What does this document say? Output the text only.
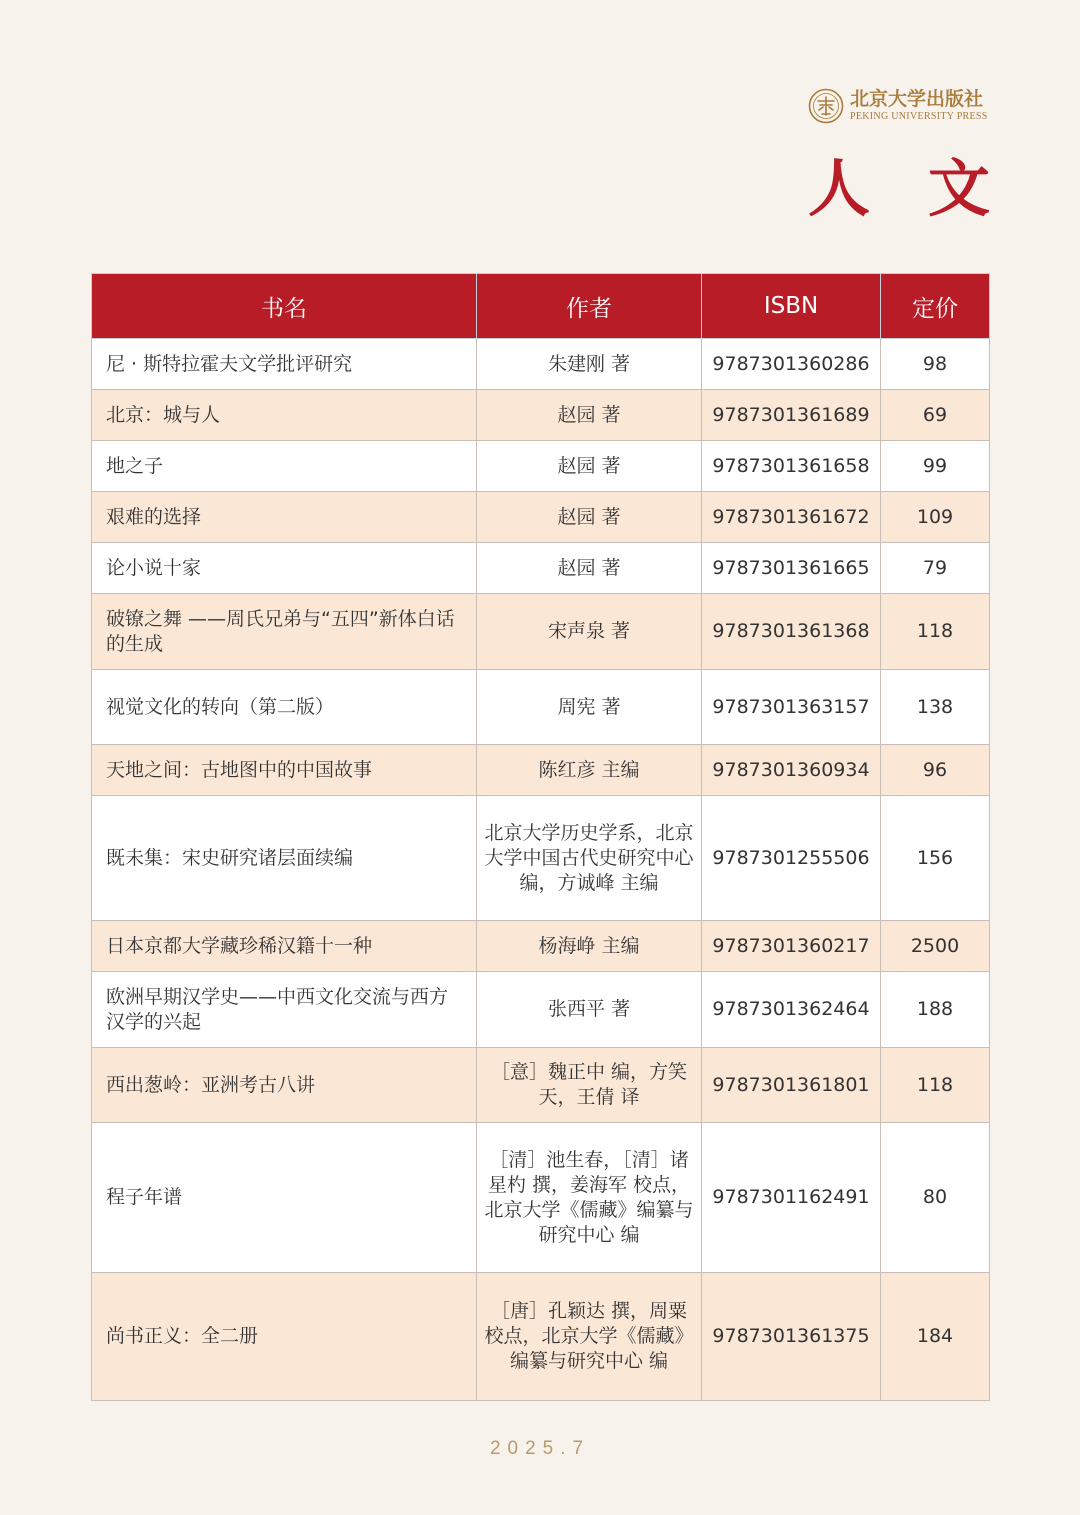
北京大学出版社
PEKING UNIVERSITY PRESS
人文
书名	作者	ISBN	定价
尼 · 斯特拉霍夫文学批评研究	朱建刚 著	9787301360286	98
北京：城与人	赵园 著	9787301361689	69
地之子	赵园 著	9787301361658	99
艰难的选择	赵园 著	9787301361672	109
论小说十家	赵园 著	9787301361665	79
破镣之舞 ——周氏兄弟与“五四”新体白话的生成	宋声泉 著	9787301361368	118
视觉文化的转向（第二版）	周宪 著	9787301363157	138
天地之间：古地图中的中国故事	陈红彦 主编	9787301360934	96
既未集：宋史研究诸层面续编	北京大学历史学系，北京大学中国古代史研究中心 编，方诚峰 主编	9787301255506	156
日本京都大学藏珍稀汉籍十一种	杨海峥 主编	9787301360217	2500
欧洲早期汉学史——中西文化交流与西方汉学的兴起	张西平 著	9787301362464	188
西出葱岭：亚洲考古八讲	［意］魏正中 编，方笑天，王倩 译	9787301361801	118
程子年谱	［清］池生春，［清］诸星杓 撰，姜海军 校点，北京大学《儒藏》编纂与研究中心 编	9787301162491	80
尚书正义：全二册	［唐］孔颖达 撰，周粟 校点，北京大学《儒藏》编纂与研究中心 编	9787301361375	184
2025.7
